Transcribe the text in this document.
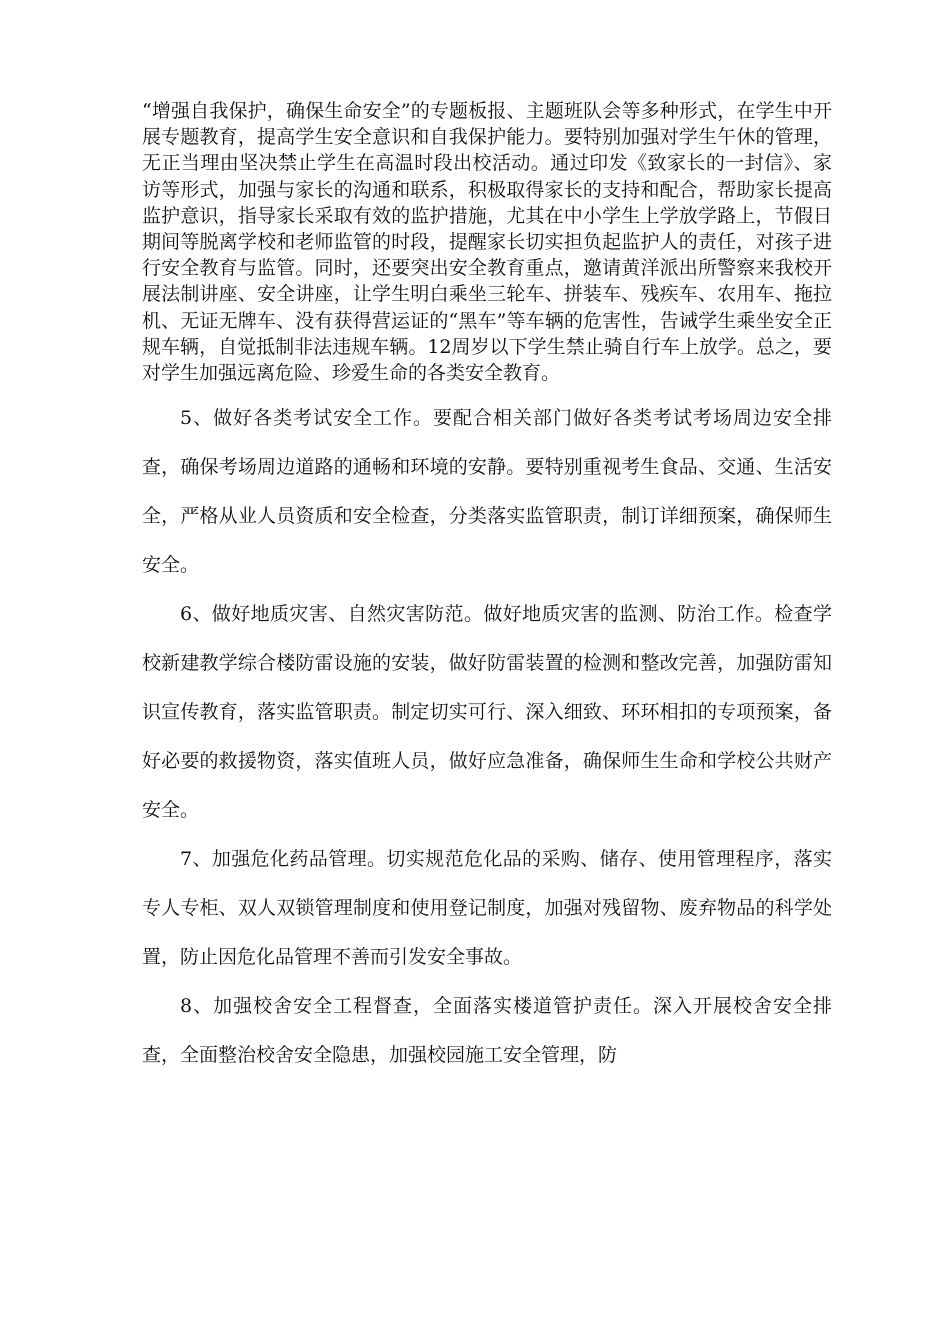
“增强自我保护，确保生命安全”的专题板报、主题班队会等多种形式，在学生中开展专题教育，提高学生安全意识和自我保护能力。要特别加强对学生午休的管理，无正当理由坚决禁止学生在高温时段出校活动。通过印发《致家长的一封信》、家访等形式，加强与家长的沟通和联系，积极取得家长的支持和配合，帮助家长提高监护意识，指导家长采取有效的监护措施，尤其在中小学生上学放学路上，节假日期间等脱离学校和老师监管的时段，提醒家长切实担负起监护人的责任，对孩子进行安全教育与监管。同时，还要突出安全教育重点，邀请黄洋派出所警察来我校开展法制讲座、安全讲座，让学生明白乘坐三轮车、拼装车、残疾车、农用车、拖拉机、无证无牌车、没有获得营运证的“黑车”等车辆的危害性，告诫学生乘坐安全正规车辆，自觉抵制非法违规车辆。12周岁以下学生禁止骑自行车上放学。总之，要对学生加强远离危险、珍爱生命的各类安全教育。

5、做好各类考试安全工作。要配合相关部门做好各类考试考场周边安全排查，确保考场周边道路的通畅和环境的安静。要特别重视考生食品、交通、生活安全，严格从业人员资质和安全检查，分类落实监管职责，制订详细预案，确保师生安全。

6、做好地质灾害、自然灾害防范。做好地质灾害的监测、防治工作。检查学校新建教学综合楼防雷设施的安装，做好防雷装置的检测和整改完善，加强防雷知识宣传教育，落实监管职责。制定切实可行、深入细致、环环相扣的专项预案，备好必要的救援物资，落实值班人员，做好应急准备，确保师生生命和学校公共财产安全。

7、加强危化药品管理。切实规范危化品的采购、储存、使用管理程序，落实专人专柜、双人双锁管理制度和使用登记制度，加强对残留物、废弃物品的科学处置，防止因危化品管理不善而引发安全事故。

8、加强校舍安全工程督查，全面落实楼道管护责任。深入开展校舍安全排查，全面整治校舍安全隐患，加强校园施工安全管理，防
